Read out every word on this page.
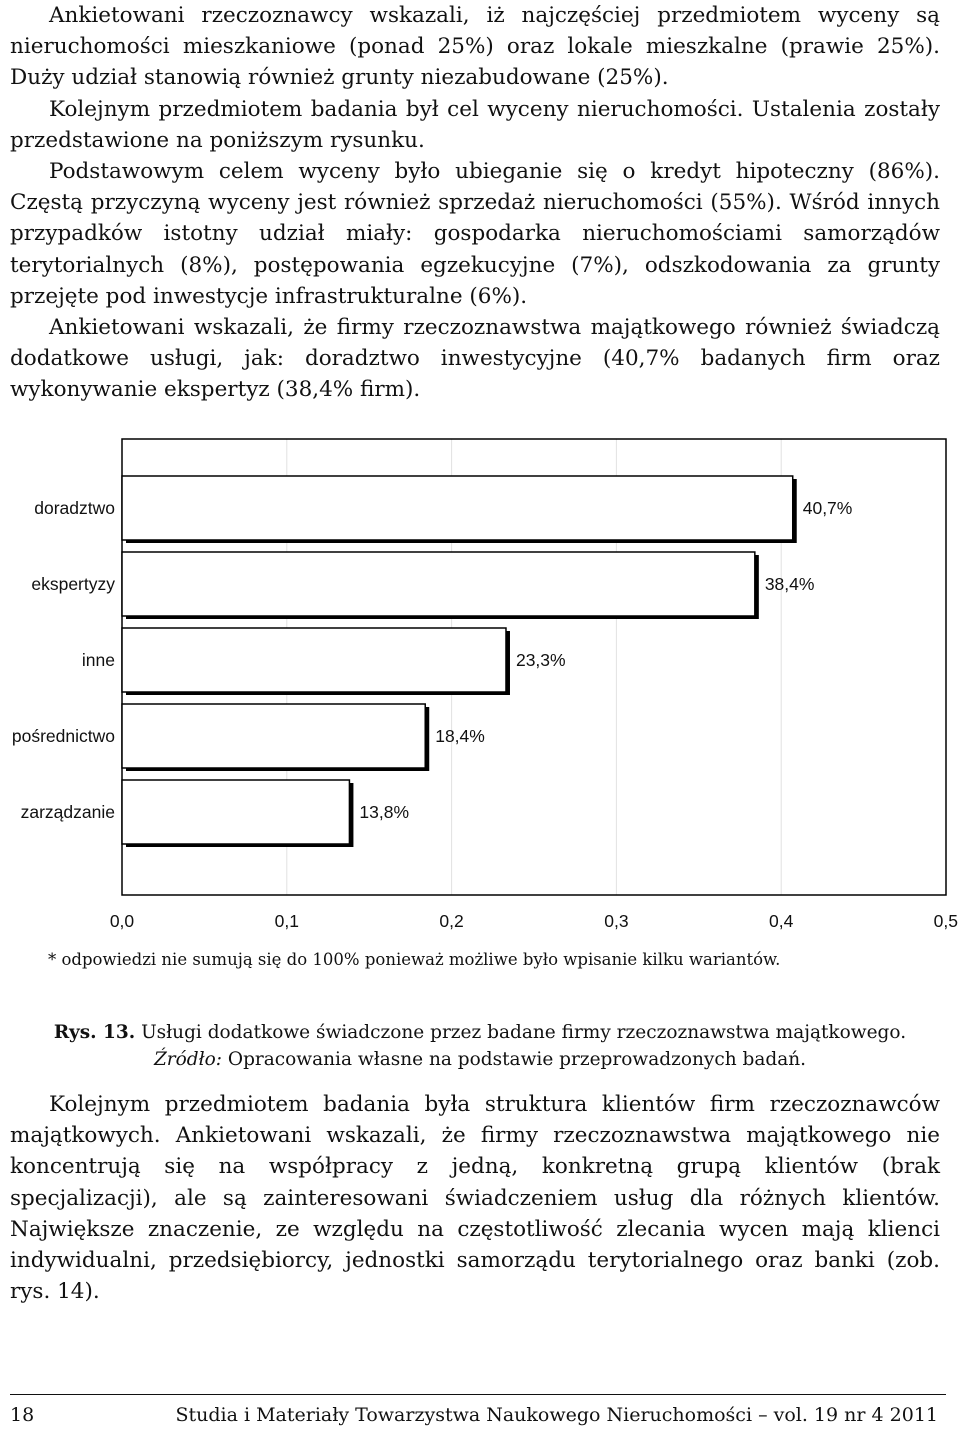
Ankietowani rzeczoznawcy wskazali, iż najczęściej przedmiotem wyceny są nieruchomości mieszkaniowe (ponad 25%) oraz lokale mieszkalne (prawie 25%). Duży udział stanowią również grunty niezabudowane (25%).

Kolejnym przedmiotem badania był cel wyceny nieruchomości. Ustalenia zostały przedstawione na poniższym rysunku.

Podstawowym celem wyceny było ubieganie się o kredyt hipoteczny (86%). Częstą przyczyną wyceny jest również sprzedaż nieruchomości (55%). Wśród innych przypadków istotny udział miały: gospodarka nieruchomościami samorządów terytorialnych (8%), postępowania egzekucyjne (7%), odszkodowania za grunty przejęte pod inwestycje infrastrukturalne (6%).

Ankietowani wskazali, że firmy rzeczoznawstwa majątkowego również świadczą dodatkowe usługi, jak: doradztwo inwestycyjne (40,7% badanych firm oraz wykonywanie ekspertyz (38,4% firm).

doradztwo	40,7%
ekspertyzy	38,4%
inne	23,3%
pośrednictwo	18,4%
zarządzanie	13,8%
0,0	0,1	0,2	0,3	0,4	0,5
* odpowiedzi nie sumują się do 100% ponieważ możliwe było wpisanie kilku wariantów.
Rys. 13. Usługi dodatkowe świadczone przez badane firmy rzeczoznawstwa majątkowego.
Źródło: Opracowania własne na podstawie przeprowadzonych badań.

Kolejnym przedmiotem badania była struktura klientów firm rzeczoznawców majątkowych. Ankietowani wskazali, że firmy rzeczoznawstwa majątkowego nie koncentrują się na współpracy z jedną, konkretną grupą klientów (brak specjalizacji), ale są zainteresowani świadczeniem usług dla różnych klientów. Największe znaczenie, ze względu na częstotliwość zlecania wycen mają klienci indywidualni, przedsiębiorcy, jednostki samorządu terytorialnego oraz banki (zob. rys. 14).

18	Studia i Materiały Towarzystwa Naukowego Nieruchomości – vol. 19 nr 4 2011
